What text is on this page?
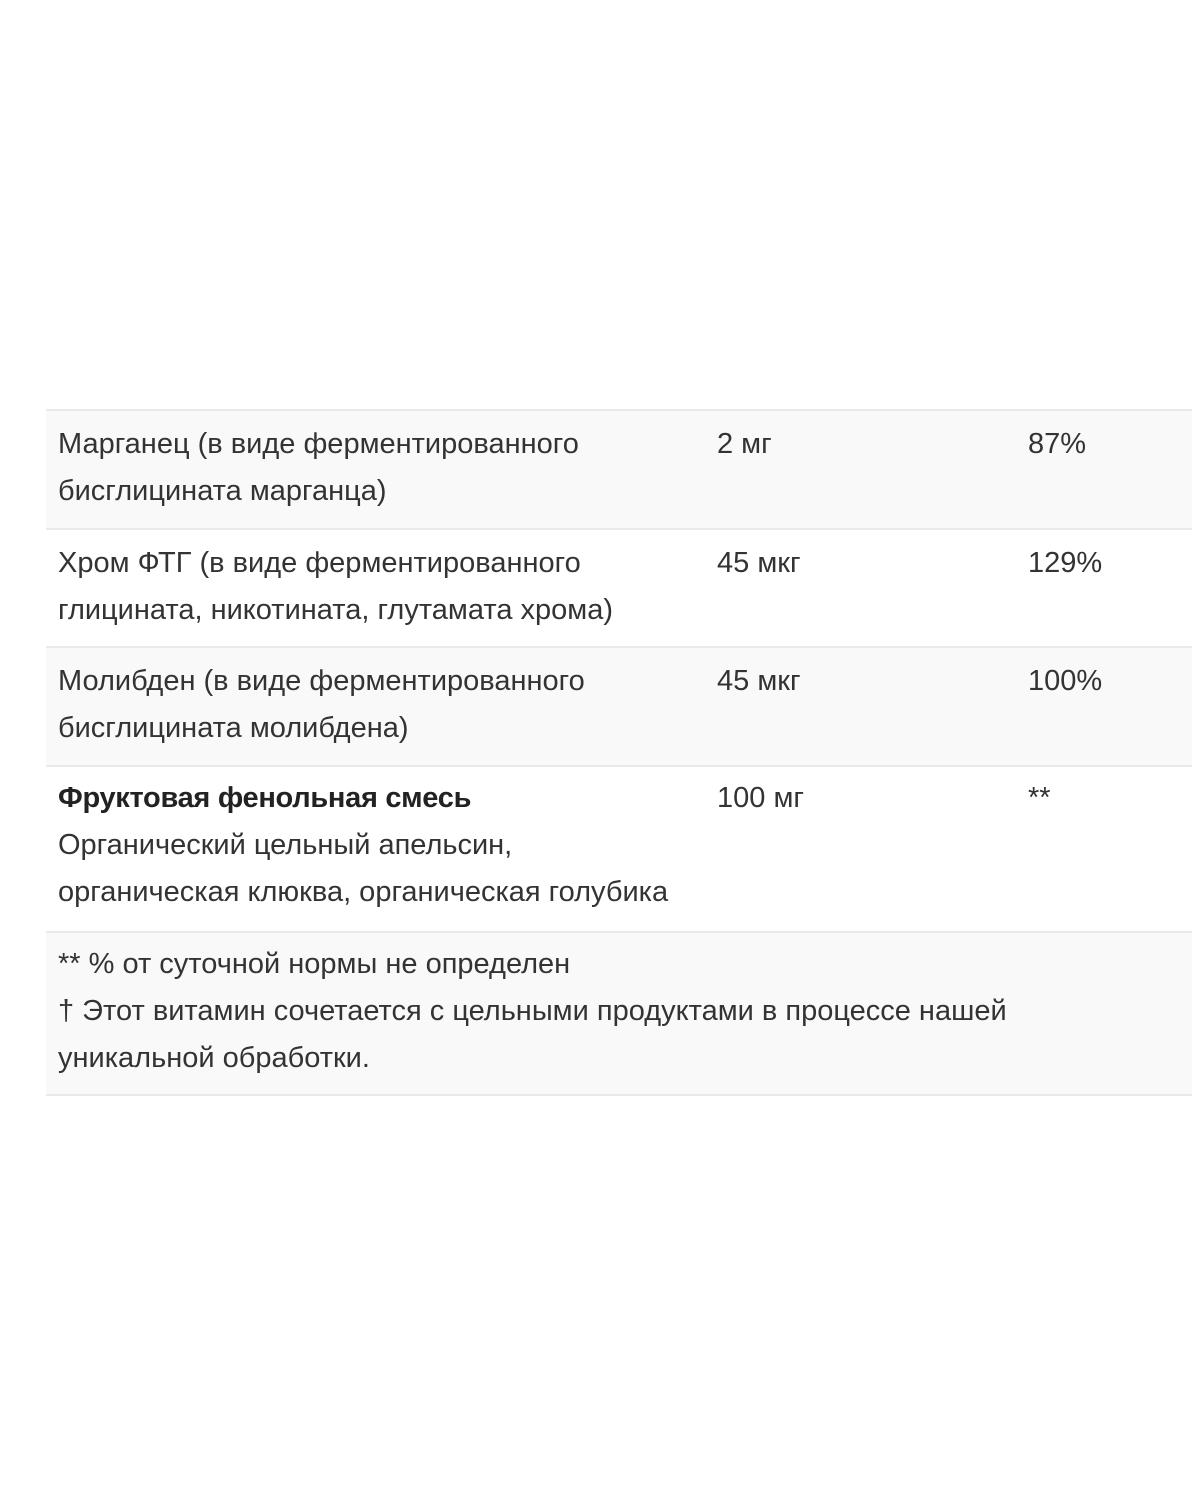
Марганец (в виде ферментированного
бисглицината марганца)
2 мг	87%
Хром ФТГ (в виде ферментированного
глицината, никотината, глутамата хрома)
45 мкг	129%
Молибден (в виде ферментированного
бисглицината молибдена)
45 мкг	100%
Фруктовая фенольная смесь
Органический цельный апельсин,
органическая клюква, органическая голубика
100 мг	**
** % от суточной нормы не определен
† Этот витамин сочетается с цельными продуктами в процессе нашей
уникальной обработки.
